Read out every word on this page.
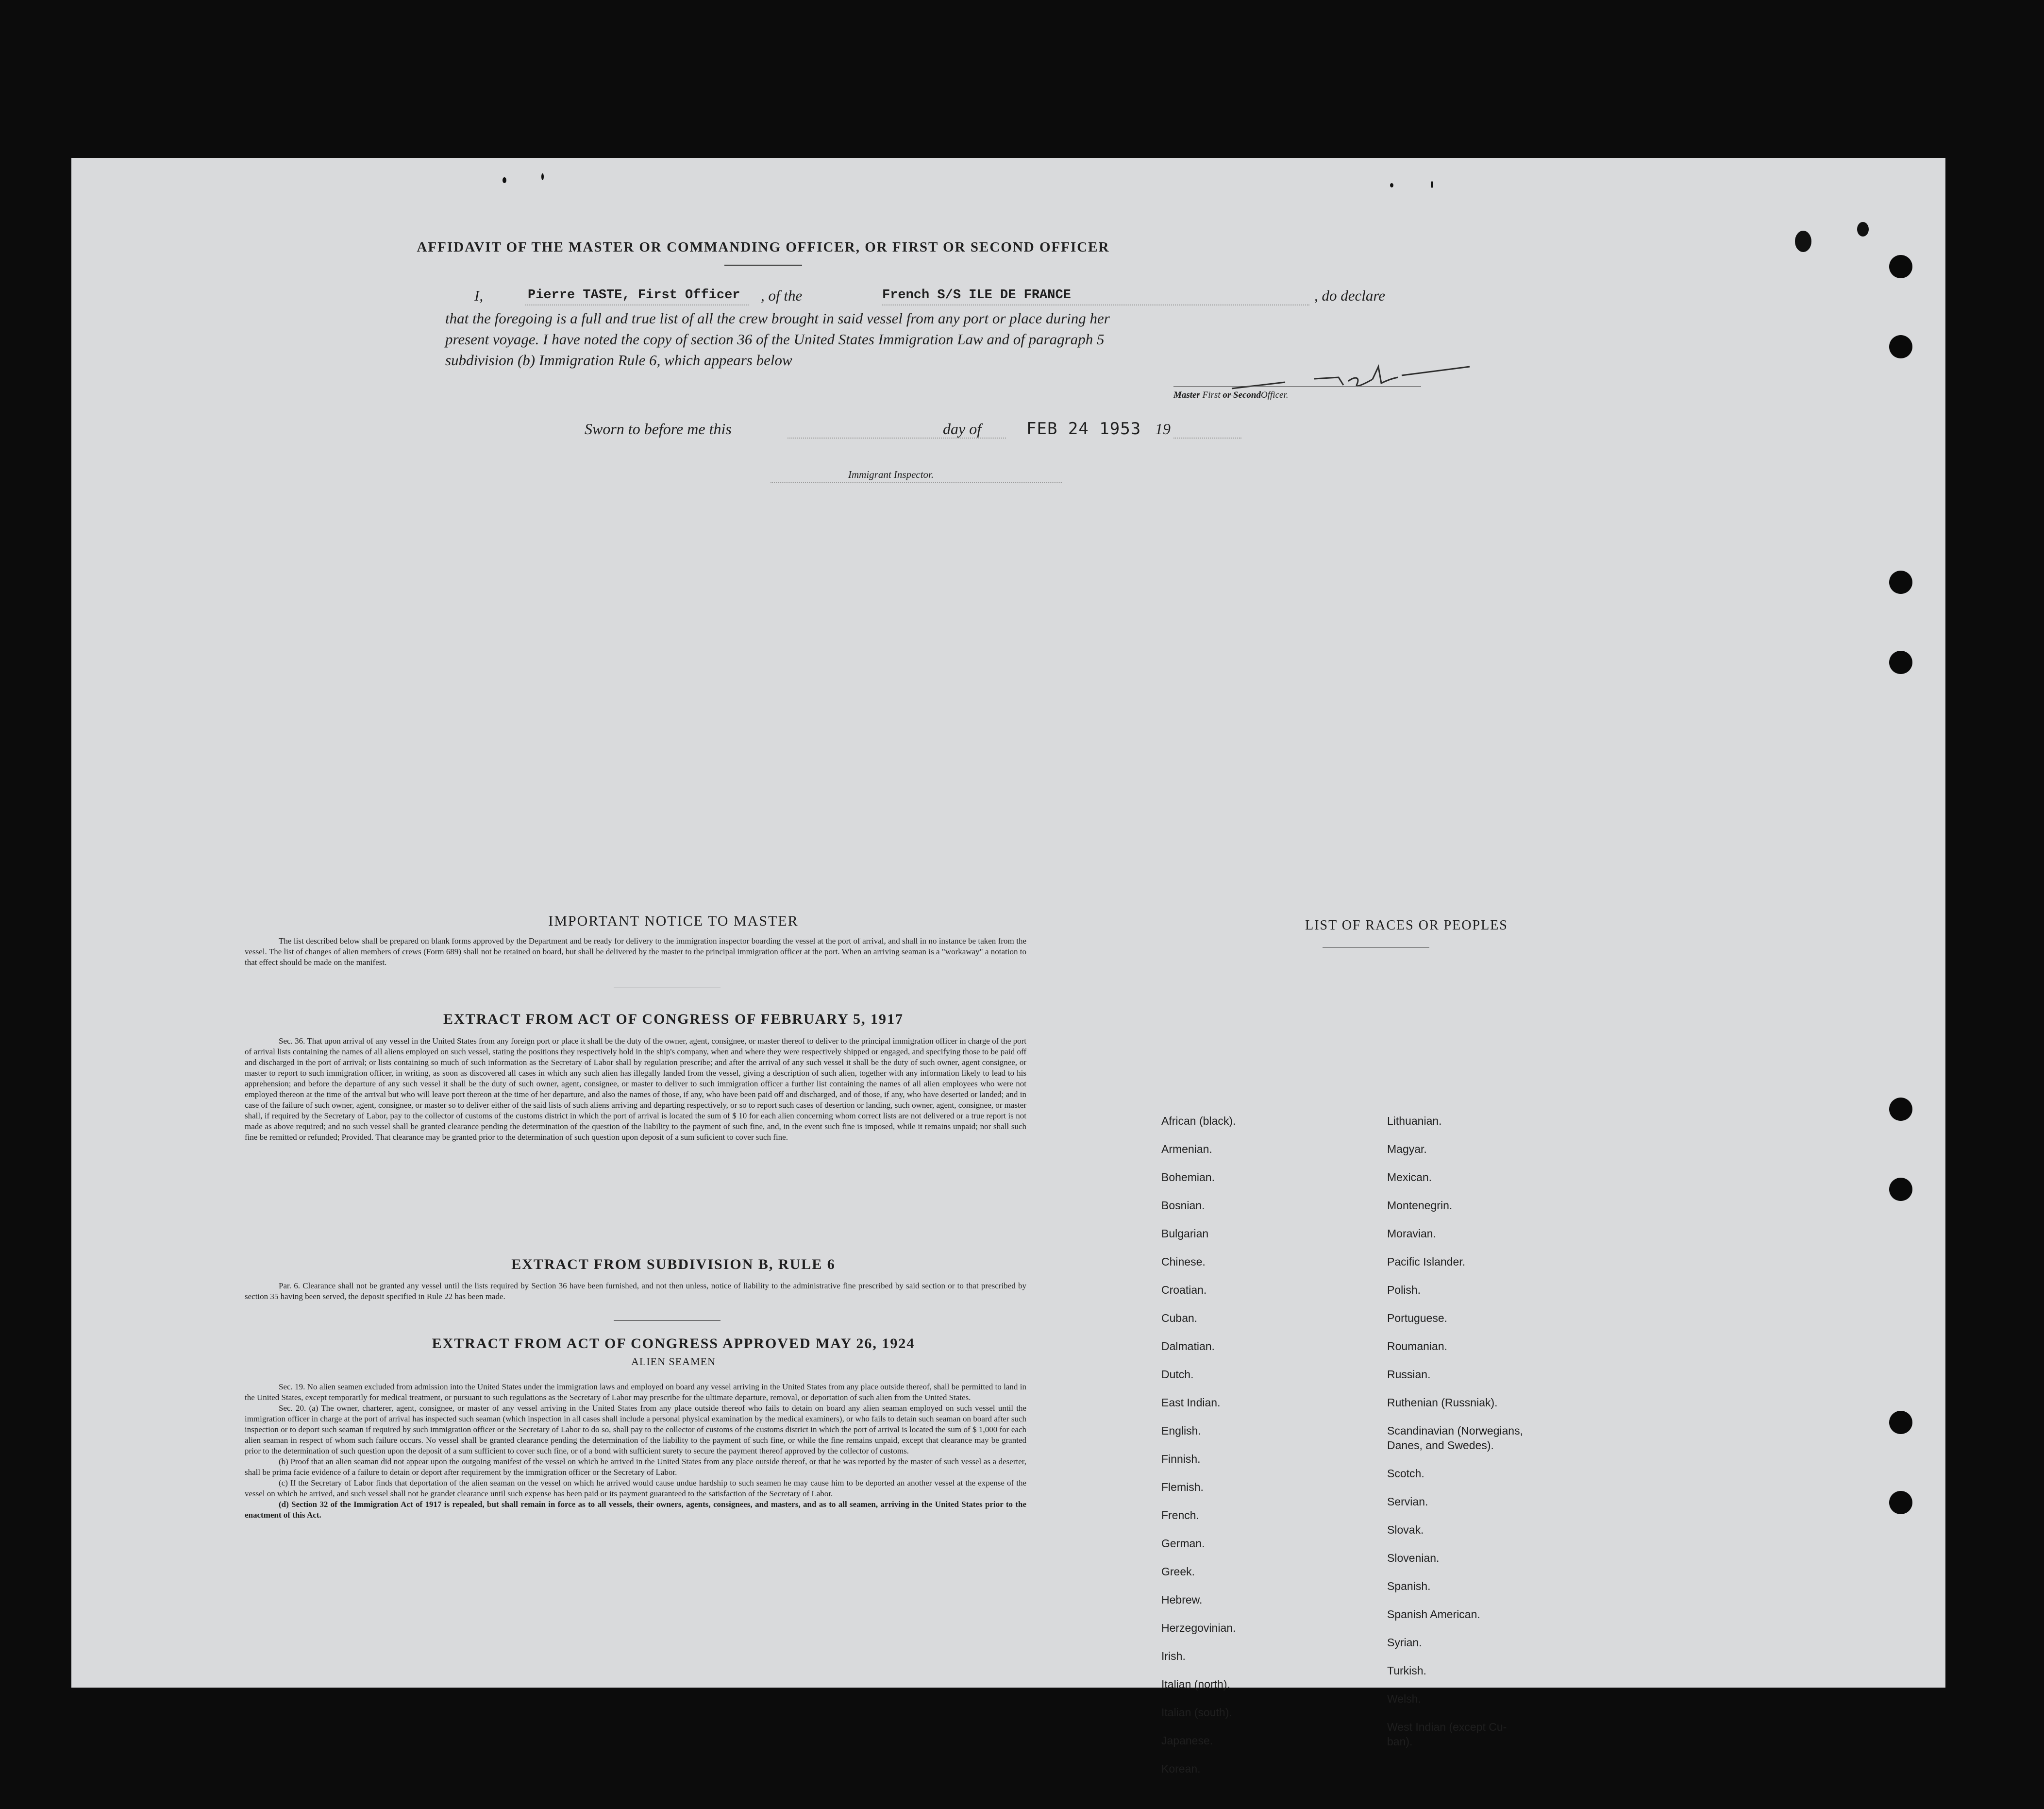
AFFIDAVIT OF THE MASTER OR COMMANDING OFFICER, OR FIRST OR SECOND OFFICER
I,	Pierre TASTE, First Officer , of the	French S/S ILE DE FRANCE	, do declare
that the foregoing is a full and true list of all the crew brought in said vessel from any port or place during her
present voyage. I have noted the copy of section 36 of the United States Immigration Law and of paragraph 5
subdivision (b) Immigration Rule 6, which appears below
Master First or SecondOfficer.
Sworn to before me this	day of	FEB 24 1953 19
Immigrant Inspector.
IMPORTANT NOTICE TO MASTER

The list described below shall be prepared on blank forms approved by the Department and be ready for delivery to the immigration inspector boarding the vessel at the port of arrival, and shall in no instance be taken from the vessel. The list of changes of alien members of crews (Form 689) shall not be retained on board, but shall be delivered by the master to the principal immigration officer at the port. When an arriving seaman is a "workaway" a notation to that effect should be made on the manifest.

EXTRACT FROM ACT OF CONGRESS OF FEBRUARY 5, 1917

Sec. 36. That upon arrival of any vessel in the United States from any foreign port or place it shall be the duty of the owner, agent, consignee, or master thereof to deliver to the principal immigration officer in charge of the port of arrival lists containing the names of all aliens employed on such vessel, stating the positions they respectively hold in the ship's company, when and where they were respectively shipped or engaged, and specifying those to be paid off and discharged in the port of arrival; or lists containing so much of such information as the Secretary of Labor shall by regulation prescribe; and after the arrival of any such vessel it shall be the duty of such owner, agent consignee, or master to report to such immigration officer, in writing, as soon as discovered all cases in which any such alien has illegally landed from the vessel, giving a description of such alien, together with any information likely to lead to his apprehension; and before the departure of any such vessel it shall be the duty of such owner, agent, consignee, or master to deliver to such immigration officer a further list containing the names of all alien employees who were not employed thereon at the time of the arrival but who will leave port thereon at the time of her departure, and also the names of those, if any, who have been paid off and discharged, and of those, if any, who have deserted or landed; and in case of the failure of such owner, agent, consignee, or master so to deliver either of the said lists of such aliens arriving and departing respectively, or so to report such cases of desertion or landing, such owner, agent, consignee, or master shall, if required by the Secretary of Labor, pay to the collector of customs of the customs district in which the port of arrival is located the sum of $ 10 for each alien concerning whom correct lists are not delivered or a true report is not made as above required; and no such vessel shall be granted clearance pending the determination of the question of the liability to the payment of such fine, and, in the event such fine is imposed, while it remains unpaid; nor shall such fine be remitted or refunded; Provided. That clearance may be granted prior to the determination of such question upon deposit of a sum suficient to cover such fine.

EXTRACT FROM SUBDIVISION B, RULE 6

Par. 6. Clearance shall not be granted any vessel until the lists required by Section 36 have been furnished, and not then unless, notice of liability to the administrative fine prescribed by said section or to that prescribed by section 35 having been served, the deposit specified in Rule 22 has been made.

EXTRACT FROM ACT OF CONGRESS APPROVED MAY 26, 1924
ALIEN SEAMEN

Sec. 19. No alien seamen excluded from admission into the United States under the immigration laws and employed on board any vessel arriving in the United States from any place outside thereof, shall be permitted to land in the United States, except temporarily for medical treatment, or pursuant to such regulations as the Secretary of Labor may prescribe for the ultimate departure, removal, or deportation of such alien from the United States.

Sec. 20. (a) The owner, charterer, agent, consignee, or master of any vessel arriving in the United States from any place outside thereof who fails to detain on board any alien seaman employed on such vessel until the immigration officer in charge at the port of arrival has inspected such seaman (which inspection in all cases shall include a personal physical examination by the medical examiners), or who fails to detain such seaman on board after such inspection or to deport such seaman if required by such immigration officer or the Secretary of Labor to do so, shall pay to the collector of customs of the customs district in which the port of arrival is located the sum of $ 1,000 for each alien seaman in respect of whom such failure occurs. No vessel shall be granted clearance pending the determination of the liability to the payment of such fine, or while the fine remains unpaid, except that clearance may be granted prior to the determination of such question upon the deposit of a sum sufficient to cover such fine, or of a bond with sufficient surety to secure the payment thereof approved by the collector of customs.

(b) Proof that an alien seaman did not appear upon the outgoing manifest of the vessel on which he arrived in the United States from any place outside thereof, or that he was reported by the master of such vessel as a deserter, shall be prima facie evidence of a failure to detain or deport after requirement by the immigration officer or the Secretary of Labor.

(c) If the Secretary of Labor finds that deportation of the alien seaman on the vessel on which he arrived would cause undue hardship to such seamen he may cause him to be deported an another vessel at the expense of the vessel on which he arrived, and such vessel shall not be grandet clearance until such expense has been paid or its payment guaranteed to the satisfaction of the Secretary of Labor.

(d) Section 32 of the Immigration Act of 1917 is repealed, but shall remain in force as to all vessels, their owners, agents, consignees, and masters, and as to all seamen, arriving in the United States prior to the enactment of this Act.

LIST OF RACES OR PEOPLES
African (black).
Armenian.
Bohemian.
Bosnian.
Bulgarian
Chinese.
Croatian.
Cuban.
Dalmatian.
Dutch.
East Indian.
English.
Finnish.
Flemish.
French.
German.
Greek.
Hebrew.
Herzegovinian.
Irish.
Italian (north).
Italian (south).
Japanese.
Korean.
Lithuanian.
Magyar.
Mexican.
Montenegrin.
Moravian.
Pacific Islander.
Polish.
Portuguese.
Roumanian.
Russian.
Ruthenian (Russniak).
Scandinavian (Norwegians,
Danes, and Swedes).
Scotch.
Servian.
Slovak.
Slovenian.
Spanish.
Spanish American.
Syrian.
Turkish.
Welsh.
West Indian (except Cu-
ban).
